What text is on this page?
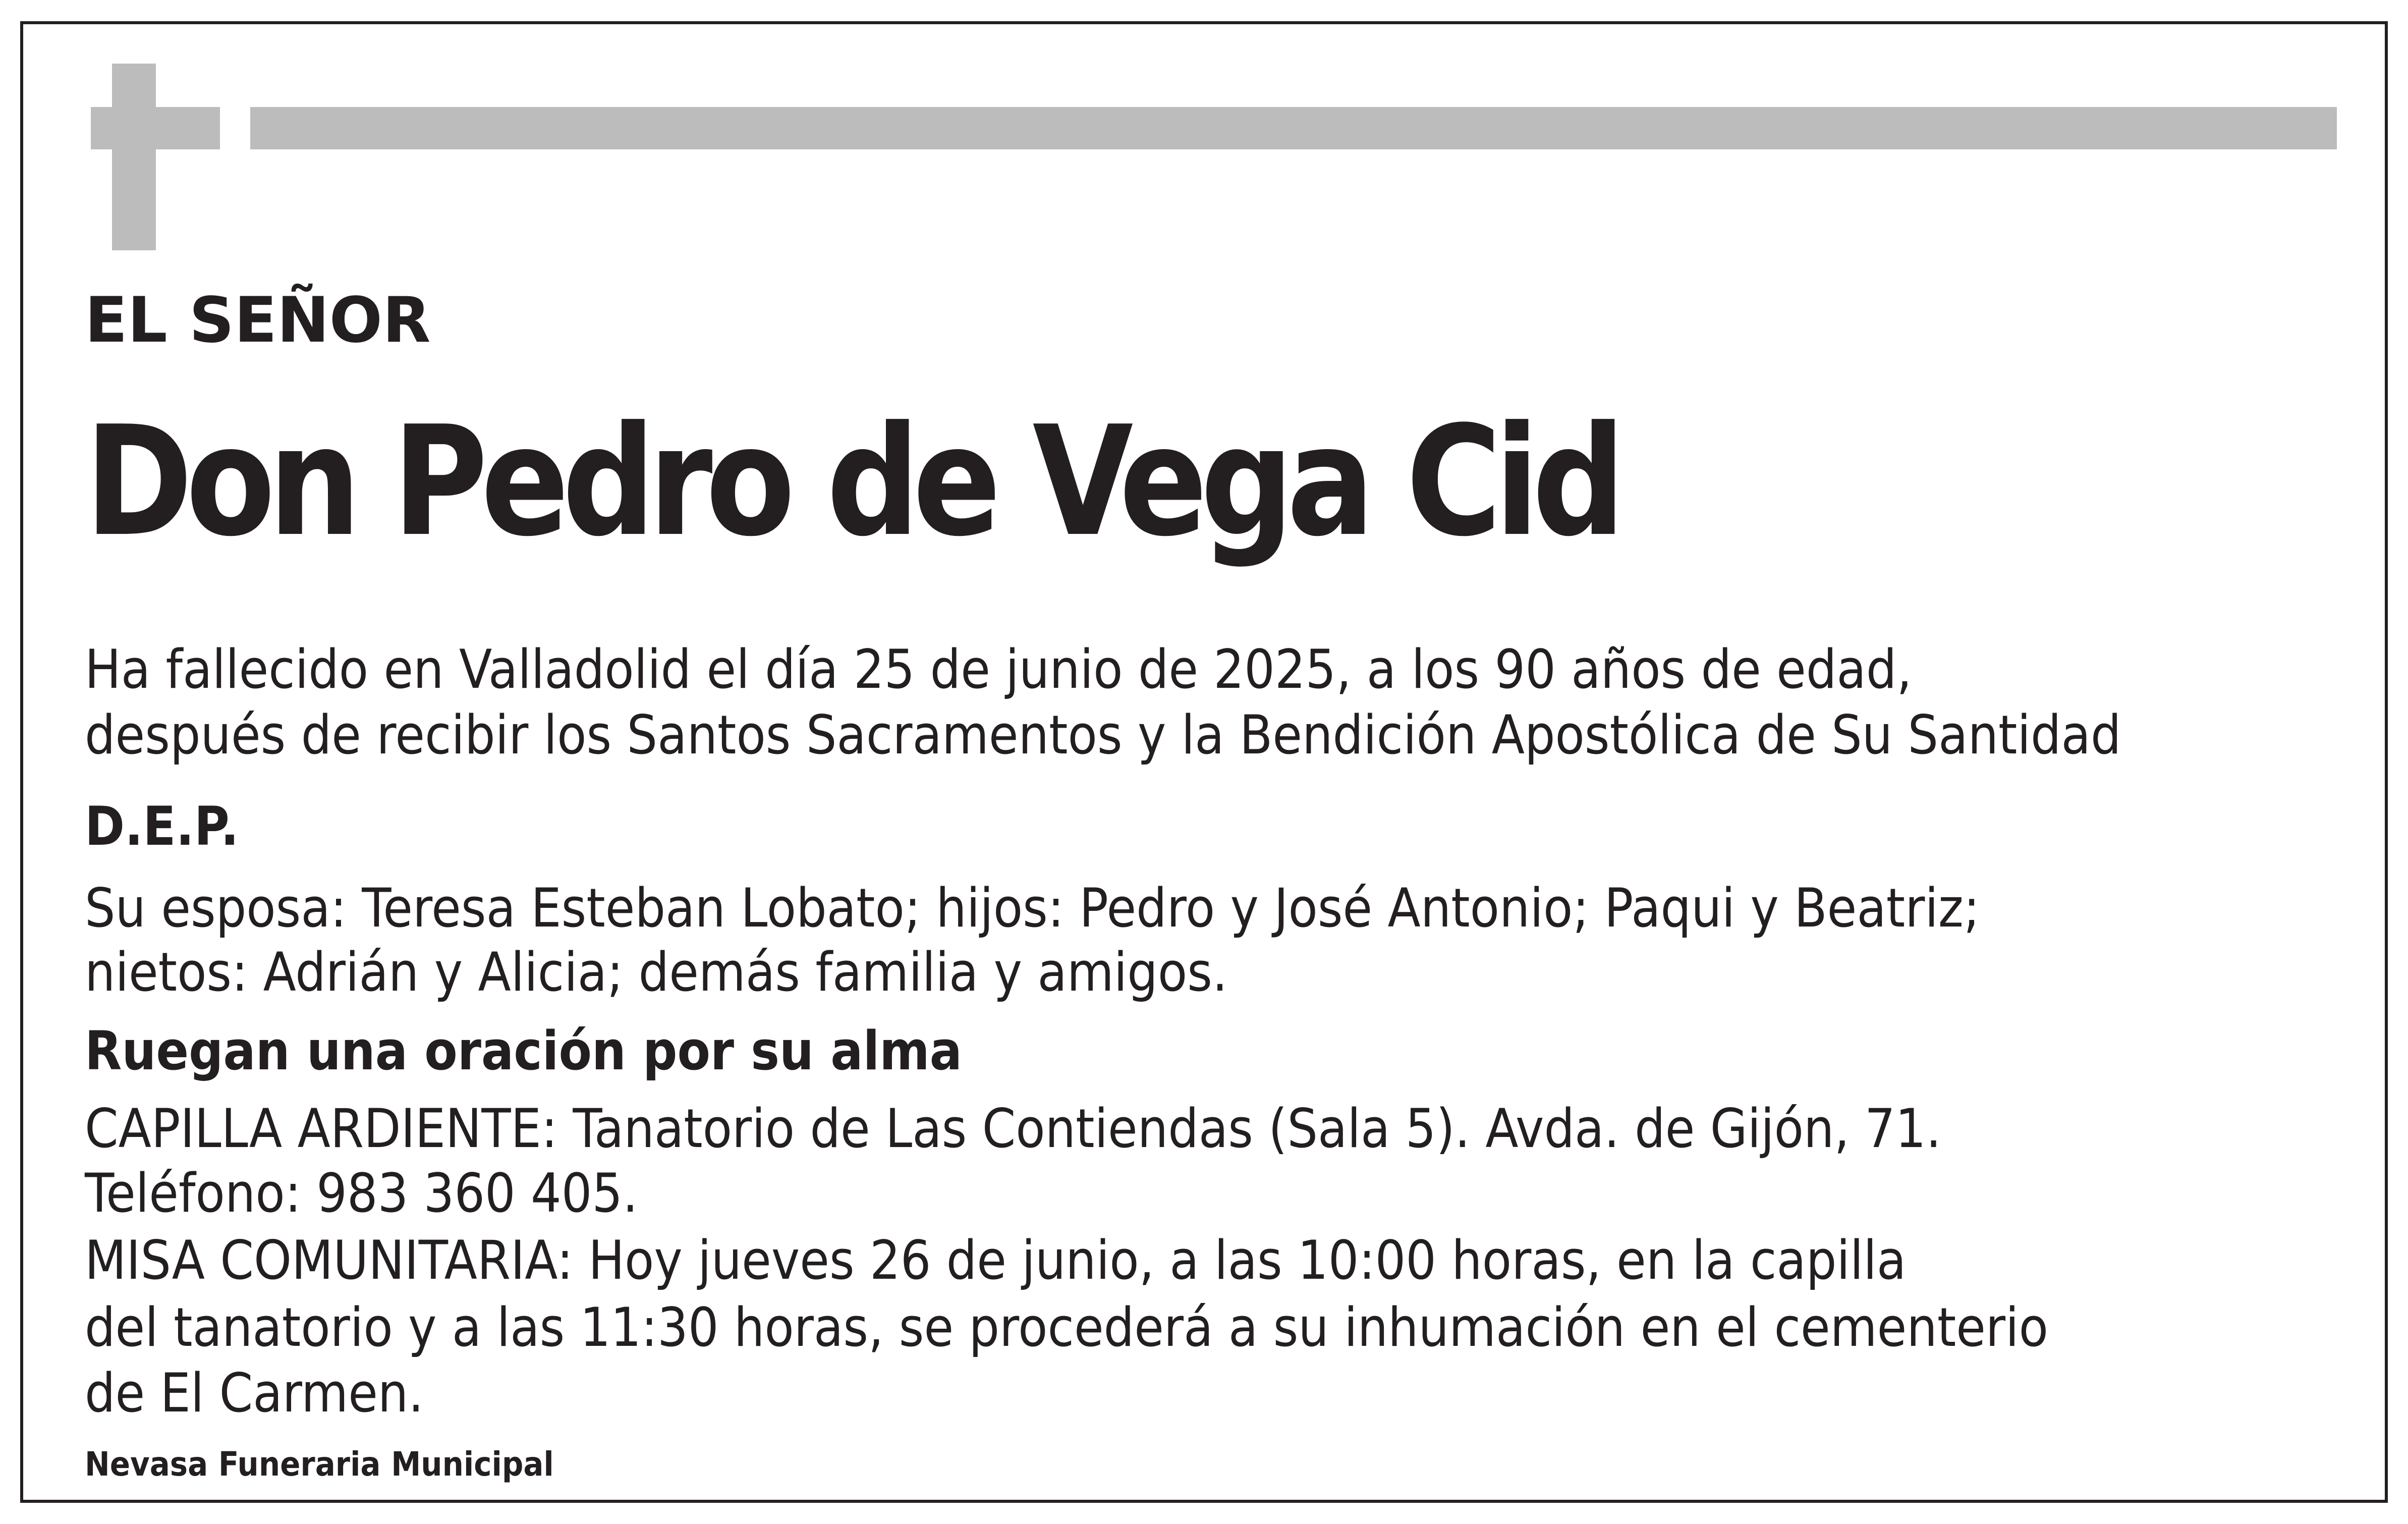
EL SEÑOR

Don Pedro de Vega Cid

Ha fallecido en Valladolid el día 25 de junio de 2025, a los 90 años de edad,

después de recibir los Santos Sacramentos y la Bendición Apostólica de Su Santidad

D.E.P.

Su esposa: Teresa Esteban Lobato; hijos: Pedro y José Antonio; Paqui y Beatriz;

nietos: Adrián y Alicia; demás familia y amigos.

Ruegan una oración por su alma

CAPILLA ARDIENTE: Tanatorio de Las Contiendas (Sala 5). Avda. de Gijón, 71.

Teléfono: 983 360 405.

MISA COMUNITARIA: Hoy jueves 26 de junio, a las 10:00 horas, en la capilla

del tanatorio y a las 11:30 horas, se procederá a su inhumación en el cementerio

de El Carmen.

Nevasa Funeraria Municipal
